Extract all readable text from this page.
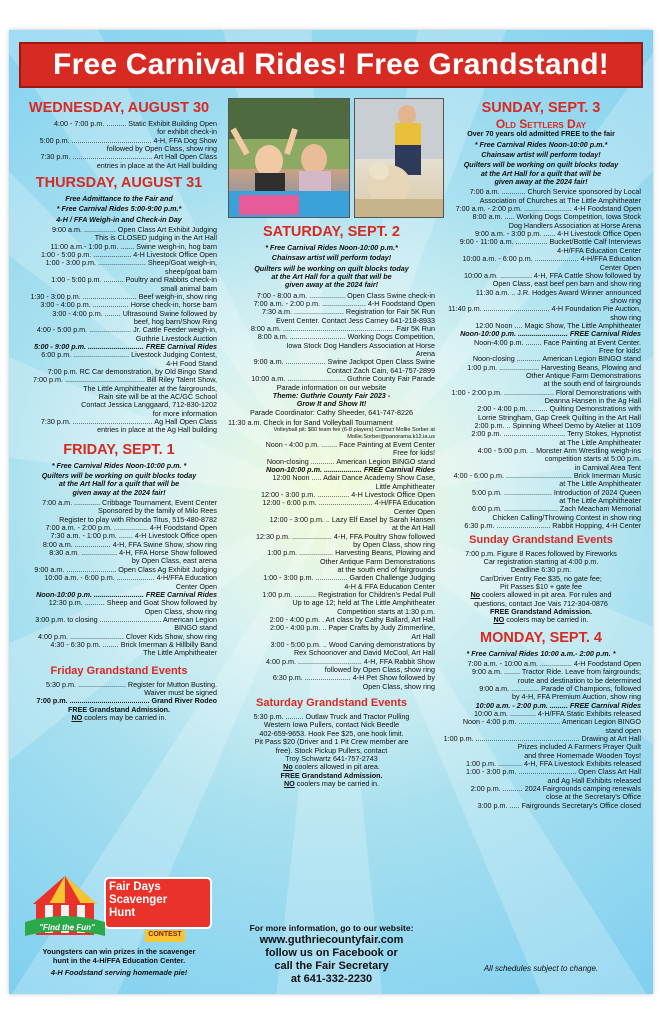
Free Carnival Rides! Free Grandstand!
WEDNESDAY, AUGUST 30
4:00 - 7:00 p.m. .......... Static Exhibit Building Open
for exhibit check-in
5:00 p.m. ........................................ 4-H, FFA Dog Show
followed by Open Class, show ring
7:30 p.m. ........................................ Art Hall Open Class
entries in place at the Art Hall building
THURSDAY, AUGUST 31
Free Admittance to the Fair and
* Free Carnival Rides 5:00-9:00 p.m.*
4-H / FFA Weigh-in and Check-in Day
9:00 a.m. ................ Open Class Art Exhibit Judging
This is CLOSED judging in the Art Hall
11:00 a.m.- 1:00 p.m. ....... Swine weigh-in, hog barn
1:00 - 5:00 p.m. ................... 4-H Livestock Office Open
1:00 - 3:00 p.m. ........................ Sheep/Goat weigh-in,
sheep/goat barn
1:00 - 5:00 p.m. .......... Poultry and Rabbits check-in
small animal barn
1:30 - 3:00 p.m. ........................... Beef weigh-in, show ring
3:00 - 4:00 p.m. .................. Horse check-in, horse barn
3:00 - 4:00 p.m. ........ Ultrasound Swine followed by
beef, hog barn/Show Ring
4:00 - 5:00 p.m. ..................... Jr. Cattle Feeder weigh-in,
Guthrie Livestock Auction
5:00 - 9:00 p.m. ............................ FREE Carnival Rides
6:00 p.m. ............................ Livestock Judging Contest,
4-H Food Stand
7:00 p.m. RC Car demonstration, by Old Bingo Stand
7:00 p.m. ........................................ Bill Riley Talent Show,
The Little Amphitheater at the fairgrounds,
Rain site will be at the AC/GC School
Contact Jessica Langgaard, 712-830-1202
for more information
7:30 p.m. ........................................ Ag Hall Open Class
entries in place at the Ag Hall building
FRIDAY, SEPT. 1
* Free Carnival Rides Noon-10:00 p.m. *
Quilters will be working on quilt blocks today
at the Art Hall for a quilt that will be
given away at the 2024 fair!
7:00 a.m. ............. Cribbage Tournament, Event Center
Sponsored by the family of Milo Rees
Register to play with Rhonda Titus, 515-480-8782
7:00 a.m. - 2:00 p.m. ................. 4-H Foodstand Open
7:30 a.m. - 1:00 p.m. ....... 4-H Livestock Office open
8:00 a.m. .................. 4-H, FFA Swine Show, show ring
8:30 a.m. .................. 4-H, FFA Horse Show followed
by Open Class, east arena
9:00 a.m. ......................... Open Class Ag Exhibit Judging
10:00 a.m. - 6:00 p.m. ................... 4-H/FFA Education
Center Open
Noon-10:00 p.m. ......................... FREE Carnival Rides
12:30 p.m. .......... Sheep and Goat Show followed by
Open Class, show ring
3:00 p.m. to closing ............................... American Legion
BINGO stand
4:00 p.m. ........................... Clover Kids Show, show ring
4:30 - 6:30 p.m. ........ Brick Imerman & Hillbilly Band
The Little Amphitheater
Friday Grandstand Events
5:30 p.m. ........................ Register for Mutton Busting.
Waiver must be signed
7:00 p.m. ........................................ Grand River Rodeo
FREE Grandstand Admission.
NO coolers may be carried in.
SATURDAY, SEPT. 2
* Free Carnival Rides Noon-10:00 p.m.*
Chainsaw artist will perform today!
Quilters will be working on quilt blocks today
at the Art Hall for a quilt that will be
given away at the 2024 fair!
7:00 - 8:00 a.m. .................. Open Class Swine check-in
7:00 a.m. - 2:00 p.m. ...................... 4-H Foodstand Open
7:30 a.m. ......................... Registration for Fair 5K Run
Event Center. Contact Jess Carney 641-218-8933
8:00 a.m. ........................................................ Fair 5K Run
8:00 a.m. ............................ Working Dogs Competition,
Iowa Stock Dog Handlers Association at Horse
Arena
9:00 a.m. .................... Swine Jackpot Open Class Swine
Contact Zach Cain, 641-757-2899
10:00 a.m. ............................. Guthrie County Fair Parade
Parade information on our website
Theme: Guthrie County Fair 2023 -
Grow It and Show It!
Parade Coordinator: Cathy Sheeder, 641-747-8226
11:30 a.m. Check in for Sand Volleyball Tournament
Volleyball pit: $60 team fee (6-8 players) Contact Mollie Sorber at
Mollie.Sorber@panorama.k12.ia.us
Noon - 4:00 p.m. ........ Face Painting at Event Center
Free for kids!
Noon-closing ............ American Legion BINGO stand
Noon-10:00 p.m. ................... FREE Carnival Rides
12:00 Noon ..... Adair Dance Academy Show Case,
Little Amphitheater
12:00 - 3:00 p.m. ................ 4-H Livestock Office Open
12:00 - 6:00 p.m. ........................... 4-H/FFA Education
Center Open
12:00 - 3:00 p.m. .. Lazy Elf Easel by Sarah Hansen
at the Art Hall
12:30 p.m. .................... 4-H, FFA Poultry Show followed
by Open Class, show ring
1:00 p.m. ................. Harvesting Beans, Plowing and
Other Antique Farm Demonstrations
at the south end of fairgrounds
1:00 - 3:00 p.m. ................ Garden Challenge Judging
4-H & FFA Education Center
1:00 p.m. ........... Registration for Children's Pedal Pull
Up to age 12; held at The Little Amphitheater
Competition starts at 1:30 p.m.
2:00 - 4:00 p.m. . Art class by Cathy Ballard, Art Hall
2:00 - 4:00 p.m. .. Paper Crafts by Judy Zimmerline,
Art Hall
3:00 - 5:00 p.m. .. Wood Carving demonstrations by
Rex Schoonover and David McCool, Art Hall
4:00 p.m. ................................ 4-H, FFA Rabbit Show
followed by Open Class, show ring
6:30 p.m. ....................... 4-H Pet Show followed by
Open Class, show ring
Saturday Grandstand Events
5:30 p.m. ......... Outlaw Truck and Tractor Pulling
Western Iowa Pullers, contact Nick Beedle
402-659-9653. Hook Fee $25, one hook limit.
Pit Pass $20 (Driver and 1 Pit Crew member are
free). Stock Pickup Pullers, contact
Troy Schwartz 641-757-2743
No coolers allowed in pit area.
FREE Grandstand Admission.
NO coolers may be carried in.
SUNDAY, SEPT. 3
Old Settlers Day
Over 70 years old admitted FREE to the fair
* Free Carnival Rides Noon-10:00 p.m.*
Chainsaw artist will perform today!
Quilters will be working on quilt blocks today
at the Art Hall for a quilt that will be
given away at the 2024 fair!
7:00 a.m. ............ Church Service sponsored by Local
Association of Churches at The Little Amphitheater
7:00 a.m. - 2:00 p.m. ........................ 4-H Foodstand Open
8:00 a.m. ..... Working Dogs Competition, Iowa Stock
Dog Handlers Association at Horse Arena
9:00 a.m. - 3:00 p.m. ...... 4-H Livestock Office Open
9:00 - 11:00 a.m. ................ Bucket/Bottle Calf Interviews
4-H/FFA Education Center
10:00 a.m. - 6:00 p.m. ...................... 4-H/FFA Education
Center Open
10:00 a.m. ................ 4-H, FFA Cattle Show followed by
Open Class, east beef pen barn and show ring
11:30 a.m. .. J.R. Hodges Award Winner announced
show ring
11:40 p.m. ................................. 4-H Foundation Pie Auction,
show ring
12:00 Noon .... Magic Show, The Little Amphitheater
Noon-10:00 p.m. ......................... FREE Carnival Rides
Noon-4:00 p.m. ........ Face Painting at Event Center.
Free for kids!
Noon-closing ............ American Legion BINGO stand
1:00 p.m. .................... Harvesting Beans, Plowing and
Other Antique Farm Demonstrations
at the south end of fairgrounds
1:00 - 2:00 p.m. ......................... Floral Demonstrations with
Deanna Hansen in the Ag Hall
2:00 - 4:00 p.m. ......... Quilting Demonstrations with
Lorrie Stringham, Gap Creek Quilting in the Art Hall
2:00 p.m. .. Spinning Wheel Demo by Atelier at 1109
2:00 p.m. ............................... Terry Stokes, Hypnotist
at The Little Amphitheater
4:00 - 5:00 p.m. .. Monster Arm Wrestling weigh-ins
competition starts at 5:00 p.m.
in Carnival Area Tent
4:00 - 6:00 p.m. ................................. Brick Imerman Music
at The Little Amphitheater
5:00 p.m. ........................ Introduction of 2024 Queen
at The Little Amphitheater
6:00 p.m. ........................... Zach Meacham Memorial
Chicken Calling/Throwing Contest in show ring
6:30 p.m. ........................... Rabbit Hopping, 4-H Center
Sunday Grandstand Events
7:00 p.m. Figure 8 Races followed by Fireworks
Car registration starting at 4:00 p.m.
Deadline 6:30 p.m.
Car/Driver Entry Fee $35, no gate fee;
Pit Passes $10 + gate fee
No coolers allowed in pit area. For rules and
questions, contact Joe Vais 712-304-0876
FREE Grandstand Admission.
NO coolers may be carried in.
MONDAY, SEPT. 4
* Free Carnival Rides 10:00 a.m.- 2:00 p.m. *
7:00 a.m. - 10:00 a.m. ................ 4-H Foodstand Open
9:00 a.m. ........ Tractor Ride. Leave from fairgrounds;
route and destination to be determined
9:00 a.m. .............. Parade of Champions, followed
by 4-H, FFA Premium Auction, show ring
10:00 a.m. - 2:00 p.m. ......... FREE Carnival Rides
10:00 a.m. ............. 4-H/FFA Static Exhibits released
Noon - 4:00 p.m. ..................... American Legion BINGO
stand open
1:00 p.m. .................................................... Drawing at Art Hall
Prizes included A Farmers Prayer Quilt
and three Homemade Wooden Toys!
1:00 p.m. ............ 4-H, FFA Livestock Exhibits released
1:00 - 3:00 p.m. ............................. Open Class Art Hall
and Ag Hall Exhibits released
2:00 p.m. .......... 2024 Fairgrounds camping renewals
close at the Secretary's Office
3:00 p.m. ..... Fairgrounds Secretary's Office closed
All schedules subject to change.
Fair Days
Scavenger
Hunt
"Find the Fun"
CONTEST
Youngsters can win prizes in the scavenger
hunt in the 4-H/FFA Education Center.
4-H Foodstand serving homemade pie!
For more information, go to our website:
www.guthriecountyfair.com
follow us on Facebook or
call the Fair Secretary
at 641-332-2230
